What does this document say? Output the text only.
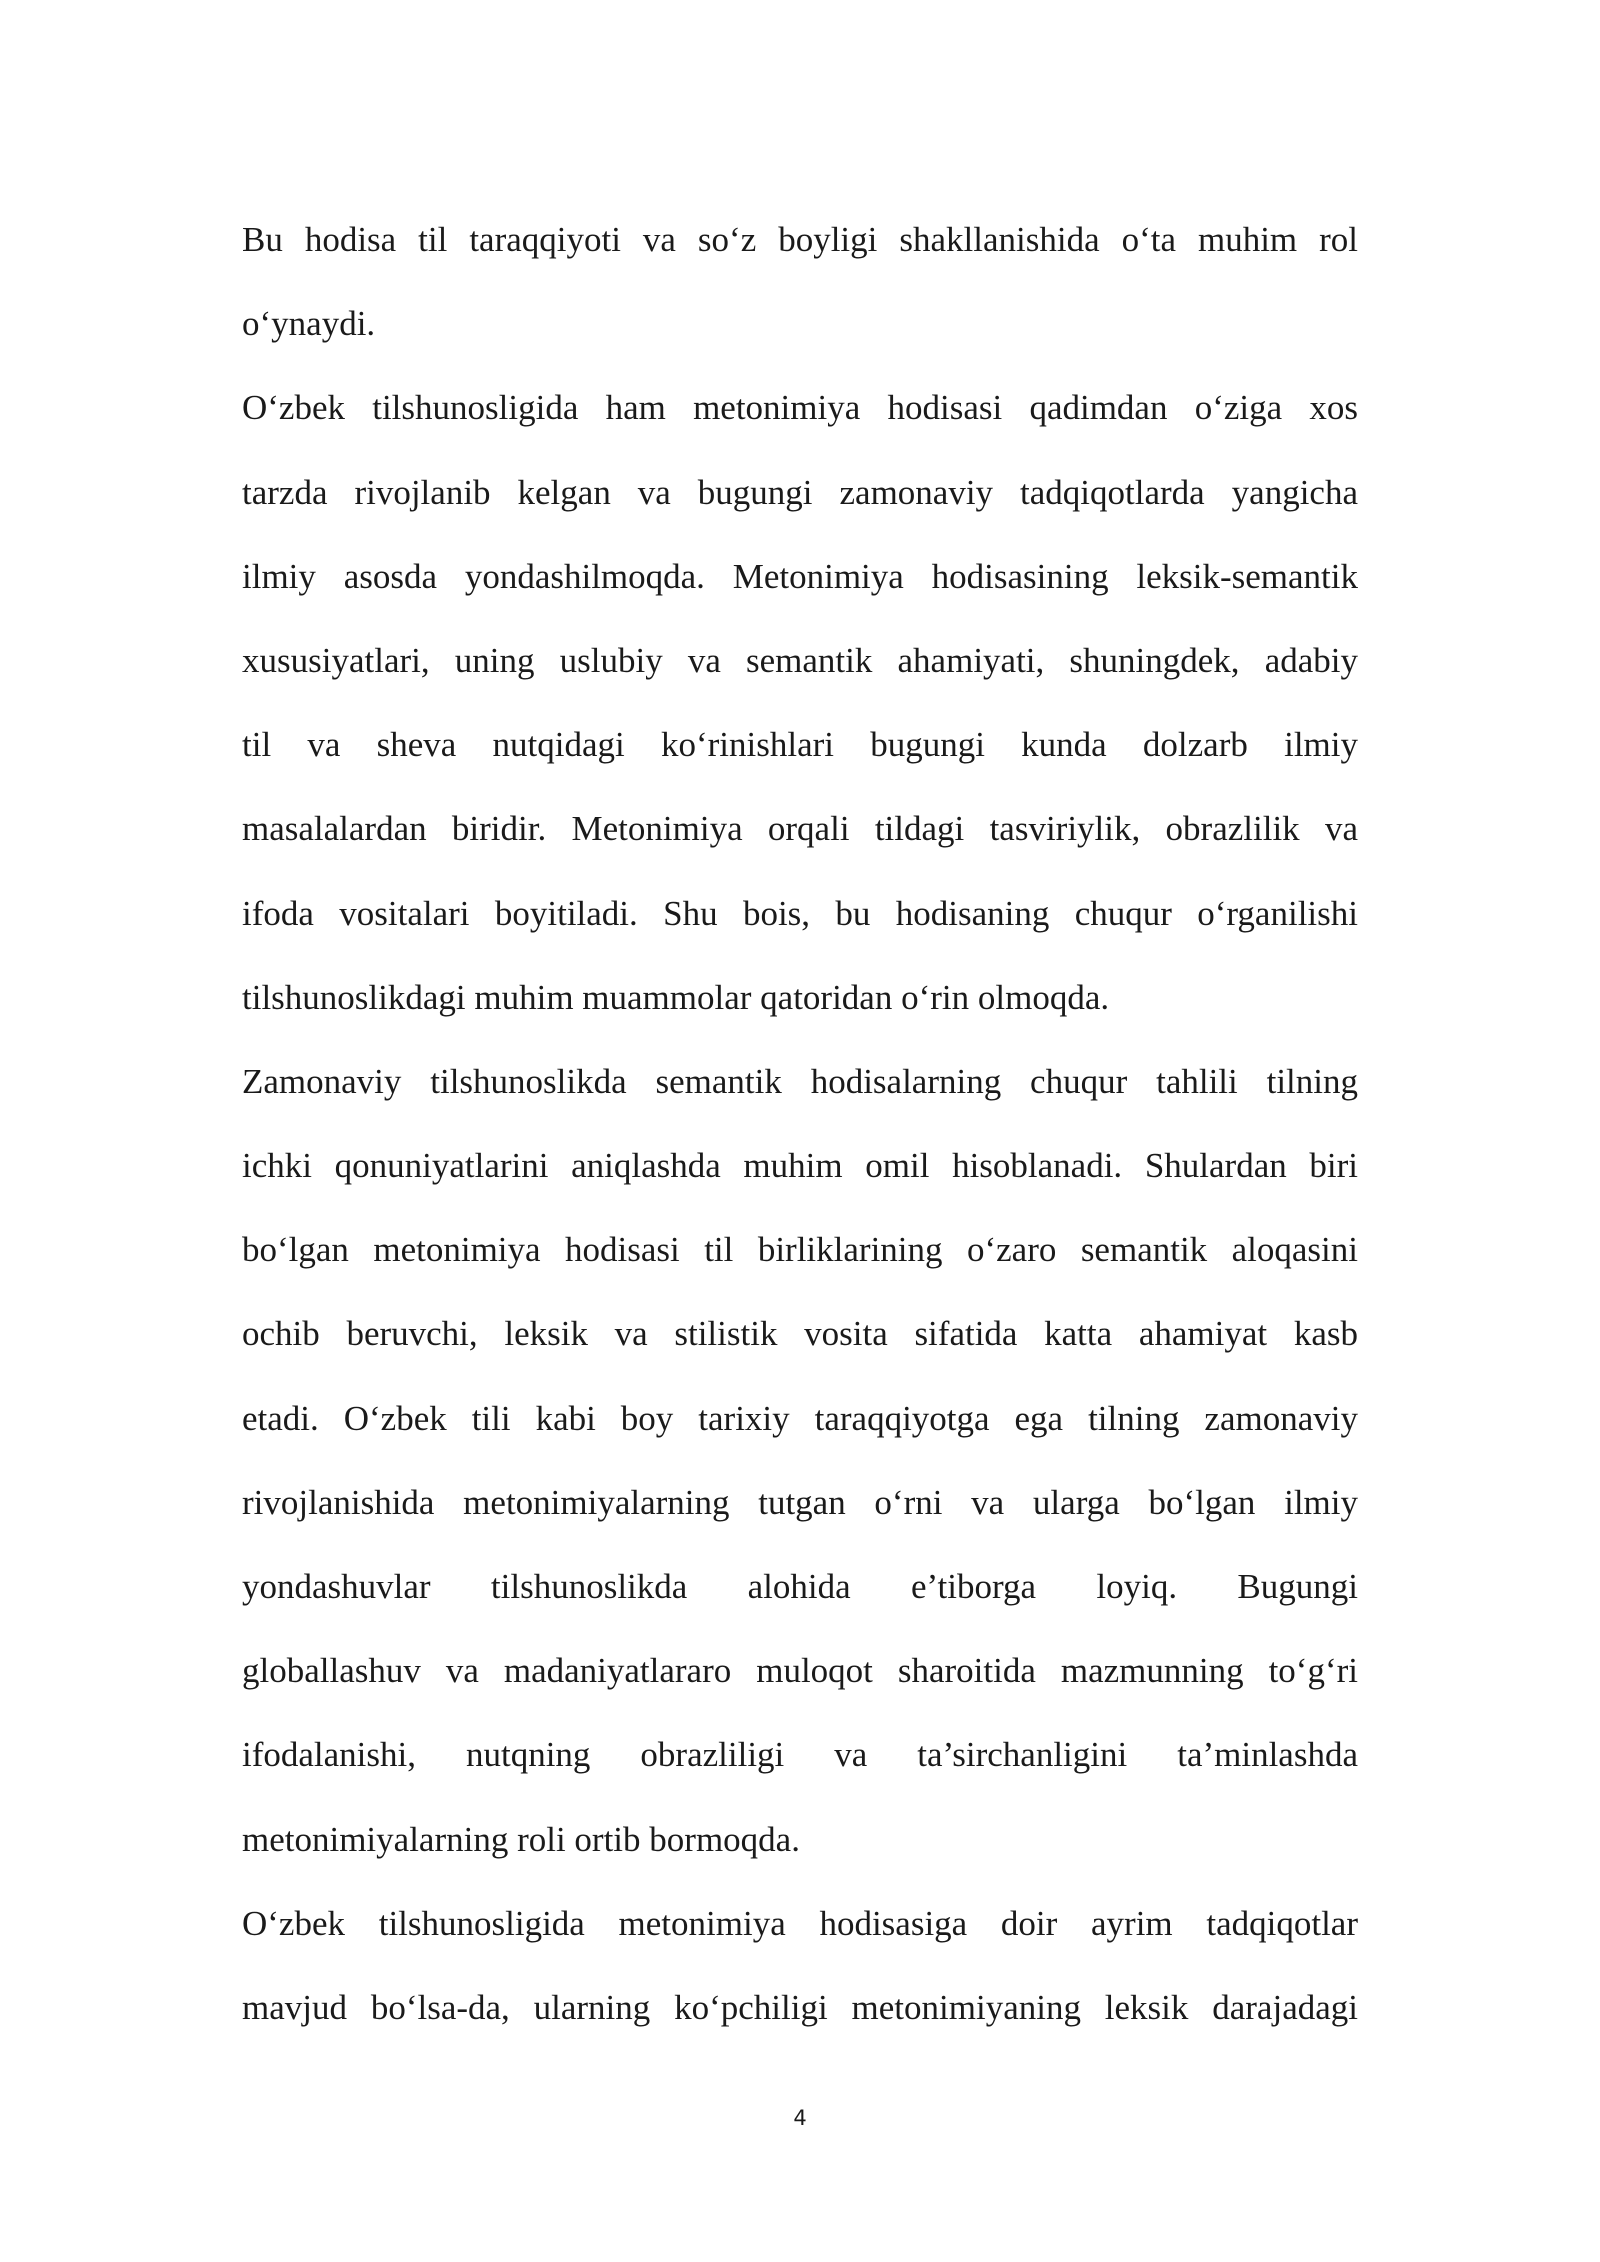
Bu hodisa til taraqqiyoti va so‘z boyligi shakllanishida o‘ta muhim rol
o‘ynaydi.
O‘zbek tilshunosligida ham metonimiya hodisasi qadimdan o‘ziga xos
tarzda rivojlanib kelgan va bugungi zamonaviy tadqiqotlarda yangicha
ilmiy asosda yondashilmoqda. Metonimiya hodisasining leksik-semantik
xususiyatlari, uning uslubiy va semantik ahamiyati, shuningdek, adabiy
til va sheva nutqidagi ko‘rinishlari bugungi kunda dolzarb ilmiy
masalalardan biridir. Metonimiya orqali tildagi tasviriylik, obrazlilik va
ifoda vositalari boyitiladi. Shu bois, bu hodisaning chuqur o‘rganilishi
tilshunoslikdagi muhim muammolar qatoridan o‘rin olmoqda.
Zamonaviy tilshunoslikda semantik hodisalarning chuqur tahlili tilning
ichki qonuniyatlarini aniqlashda muhim omil hisoblanadi. Shulardan biri
bo‘lgan metonimiya hodisasi til birliklarining o‘zaro semantik aloqasini
ochib beruvchi, leksik va stilistik vosita sifatida katta ahamiyat kasb
etadi. O‘zbek tili kabi boy tarixiy taraqqiyotga ega tilning zamonaviy
rivojlanishida metonimiyalarning tutgan o‘rni va ularga bo‘lgan ilmiy
yondashuvlar tilshunoslikda alohida e’tiborga loyiq. Bugungi
globallashuv va madaniyatlararo muloqot sharoitida mazmunning to‘g‘ri
ifodalanishi, nutqning obrazliligi va ta’sirchanligini ta’minlashda
metonimiyalarning roli ortib bormoqda.
O‘zbek tilshunosligida metonimiya hodisasiga doir ayrim tadqiqotlar
mavjud bo‘lsa-da, ularning ko‘pchiligi metonimiyaning leksik darajadagi
4
